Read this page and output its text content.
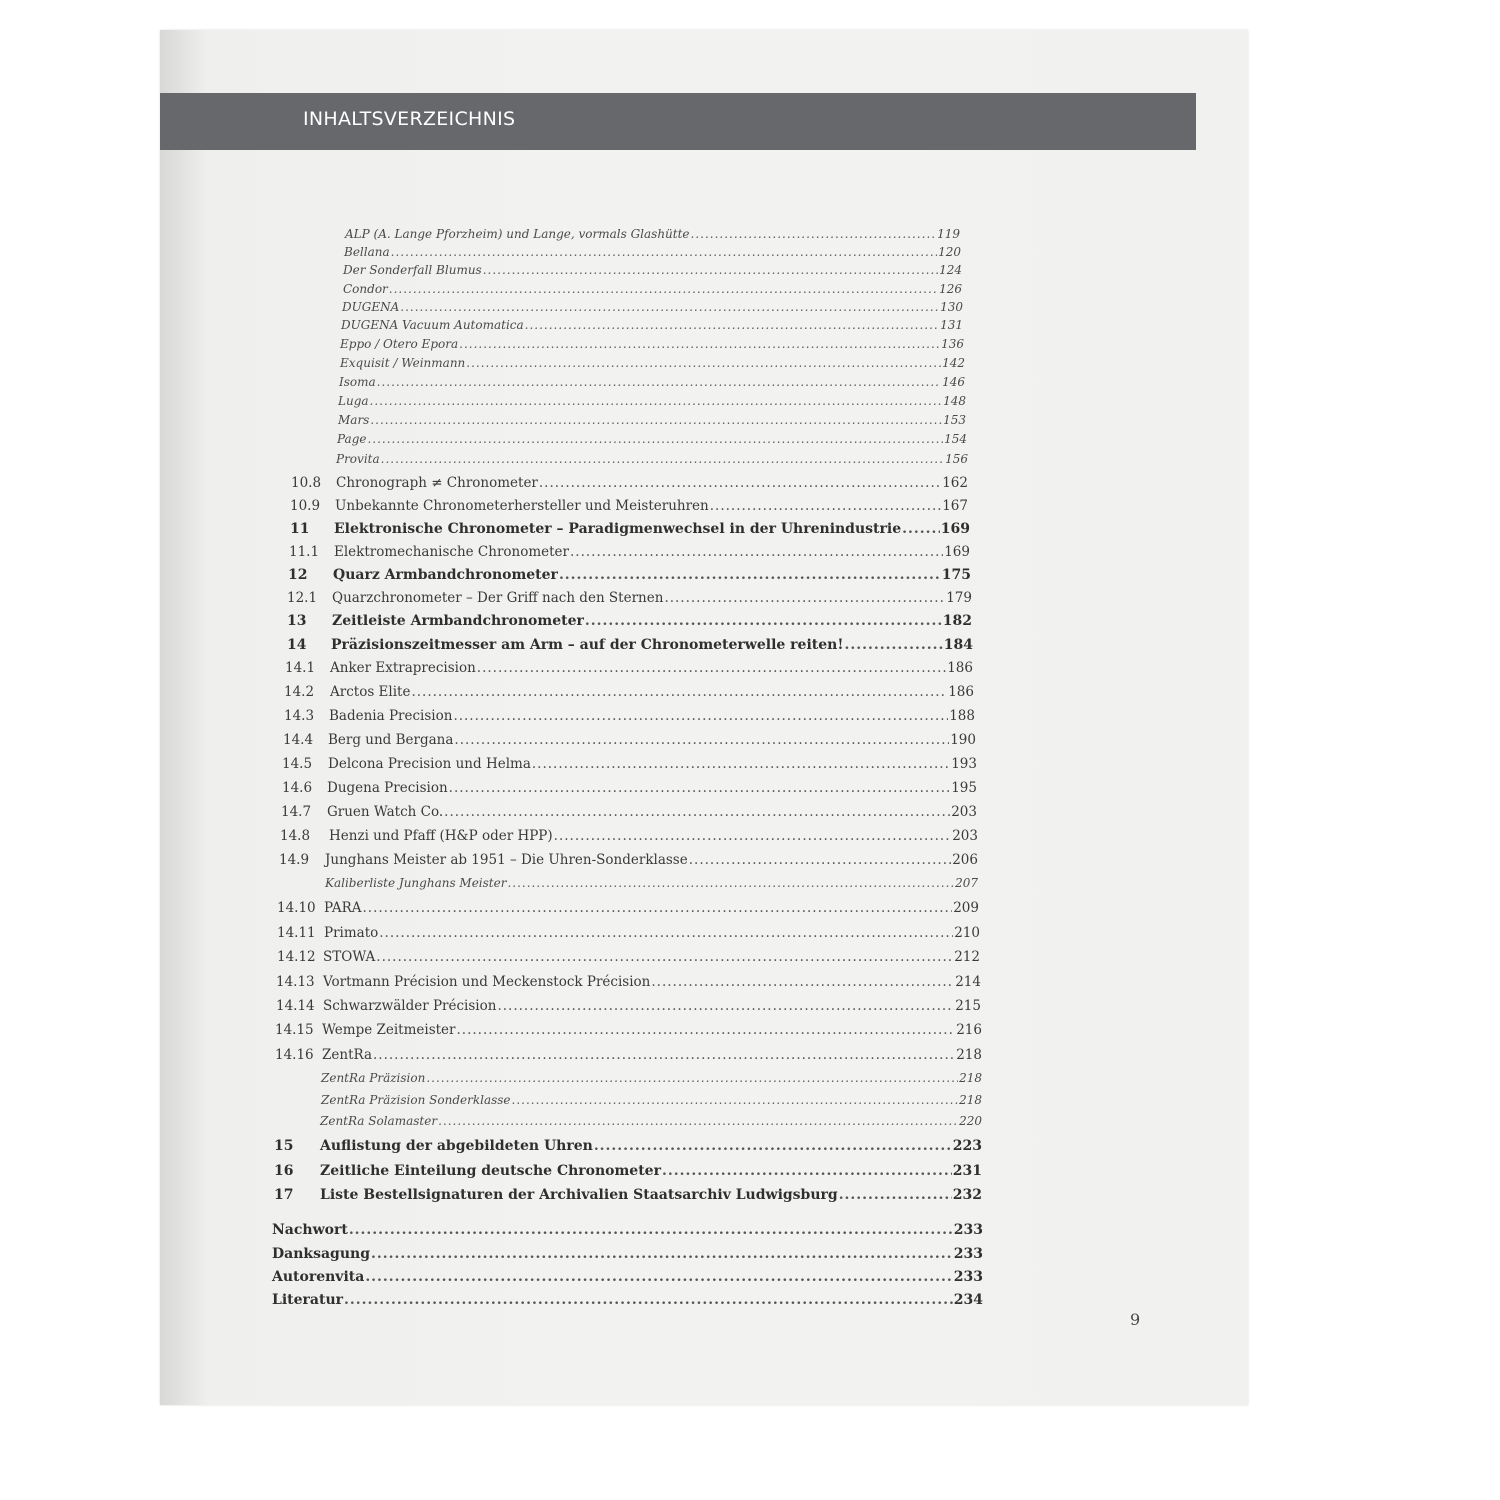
INHALTSVERZEICHNIS
ALP (A. Lange Pforzheim) und Lange, vormals Glashütte .....	119
Bellana .....	120
Der Sonderfall Blumus .....	124
Condor .....	126
DUGENA .....	130
DUGENA Vacuum Automatica .....	131
Eppo / Otero Epora .....	136
Exquisit / Weinmann .....	142
Isoma .....	146
Luga .....	148
Mars .....	153
Page .....	154
Provita .....	156
10.8	Chronograph ≠ Chronometer .....	162
10.9	Unbekannte Chronometerhersteller und Meisteruhren .....	167
11	Elektronische Chronometer – Paradigmenwechsel in der Uhrenindustrie .....	169
11.1	Elektromechanische Chronometer .....	169
12	Quarz Armbandchronometer .....	175
12.1	Quarzchronometer – Der Griff nach den Sternen .....	179
13	Zeitleiste Armbandchronometer .....	182
14	Präzisionszeitmesser am Arm – auf der Chronometerwelle reiten! .....	184
14.1	Anker Extraprecision .....	186
14.2	Arctos Elite .....	186
14.3	Badenia Precision .....	188
14.4	Berg und Bergana .....	190
14.5	Delcona Precision und Helma .....	193
14.6	Dugena Precision .....	195
14.7	Gruen Watch Co. .....	203
14.8	Henzi und Pfaff (H&P oder HPP) .....	203
14.9	Junghans Meister ab 1951 – Die Uhren-Sonderklasse .....	206
Kaliberliste Junghans Meister .....	207
14.10 PARA .....	209
14.11 Primato .....	210
14.12 STOWA .....	212
14.13 Vortmann Précision und Meckenstock Précision .....	214
14.14 Schwarzwälder Précision .....	215
14.15 Wempe Zeitmeister .....	216
14.16 ZentRa .....	218
ZentRa Präzision .....	218
ZentRa Präzision Sonderklasse .....	218
ZentRa Solamaster .....	220
15	Auflistung der abgebildeten Uhren .....	223
16	Zeitliche Einteilung deutsche Chronometer .....	231
17	Liste Bestellsignaturen der Archivalien Staatsarchiv Ludwigsburg .....	232
Nachwort .....	233
Danksagung .....	233
Autorenvita .....	233
Literatur .....	234
9
